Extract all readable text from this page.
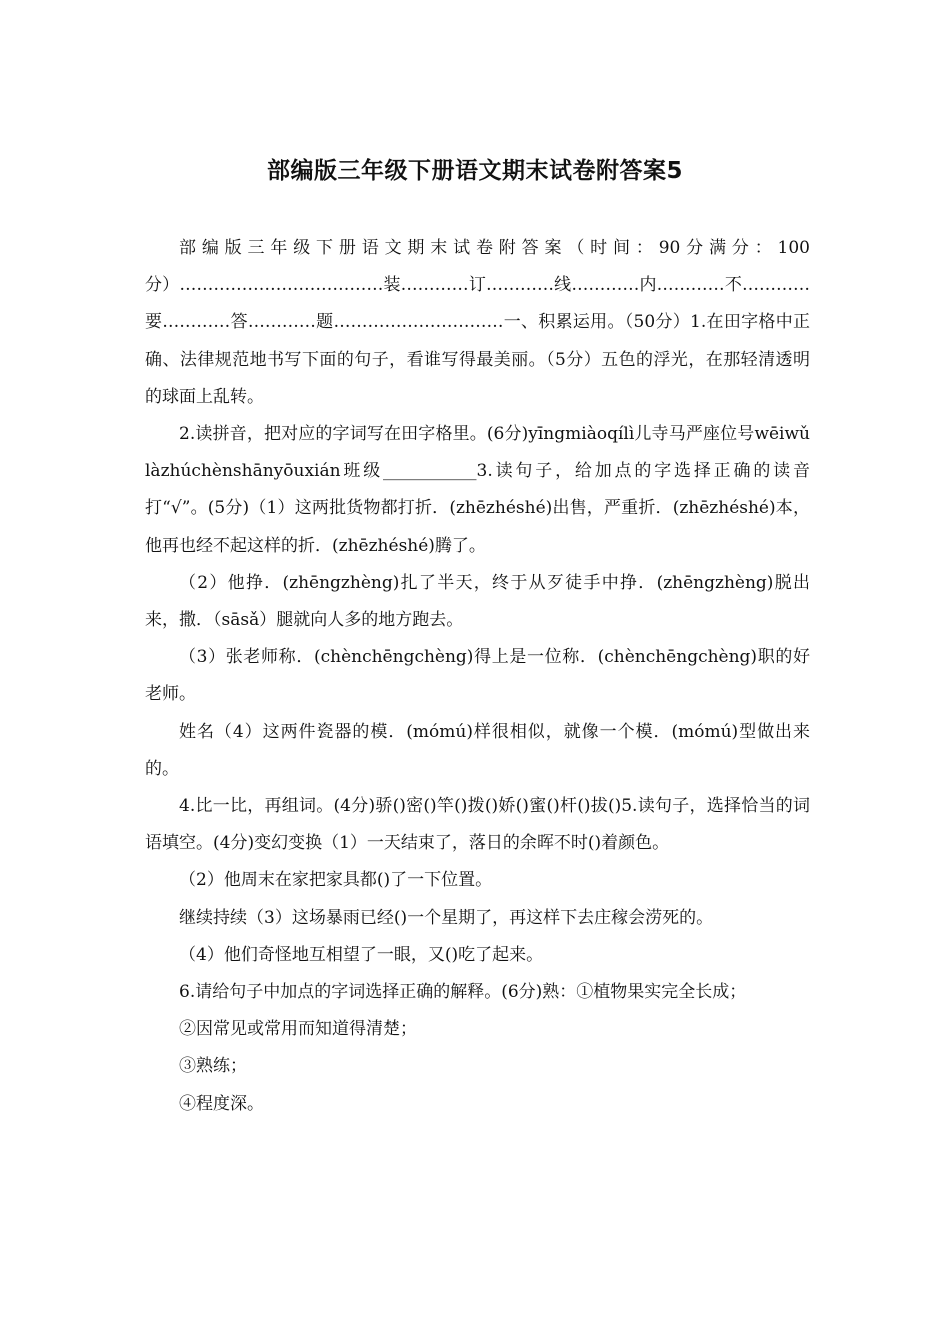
部编版三年级下册语文期末试卷附答案5

部编版三年级下册语文期末试卷附答案（时间：90分满分：100分）………………………………装…………订…………线…………内…………不…………要…………答…………题…………………………一、积累运用。（50分）1.在田字格中正确、法律规范地书写下面的句子，看谁写得最美丽。（5分）五色的浮光，在那轻清透明的球面上乱转。

2.读拼音，把对应的字词写在田字格里。(6分)yīngmiàoqílì儿寺马严座位号wēiwǔlàzhúchènshānyōuxián班级___________3.读句子，给加点的字选择正确的读音打“√”。(5分)（1）这两批货物都打折．(zhēzhéshé)出售，严重折．(zhēzhéshé)本，他再也经不起这样的折．(zhēzhéshé)腾了。

（2）他挣．(zhēngzhèng)扎了半天，终于从歹徒手中挣．(zhēngzhèng)脱出来，撒．（sāsǎ）腿就向人多的地方跑去。

（3）张老师称．(chènchēngchèng)得上是一位称．(chènchēngchèng)职的好老师。

姓名（4）这两件瓷器的模．(mómú)样很相似，就像一个模．(mómú)型做出来的。

4.比一比，再组词。(4分)骄()密()竿()拨()娇()蜜()杆()拔()5.读句子，选择恰当的词语填空。(4分)变幻变换（1）一天结束了，落日的余晖不时()着颜色。

（2）他周末在家把家具都()了一下位置。

继续持续（3）这场暴雨已经()一个星期了，再这样下去庄稼会涝死的。

（4）他们奇怪地互相望了一眼，又()吃了起来。

6.请给句子中加点的字词选择正确的解释。(6分)熟：①植物果实完全长成；

②因常见或常用而知道得清楚；

③熟练；

④程度深。
